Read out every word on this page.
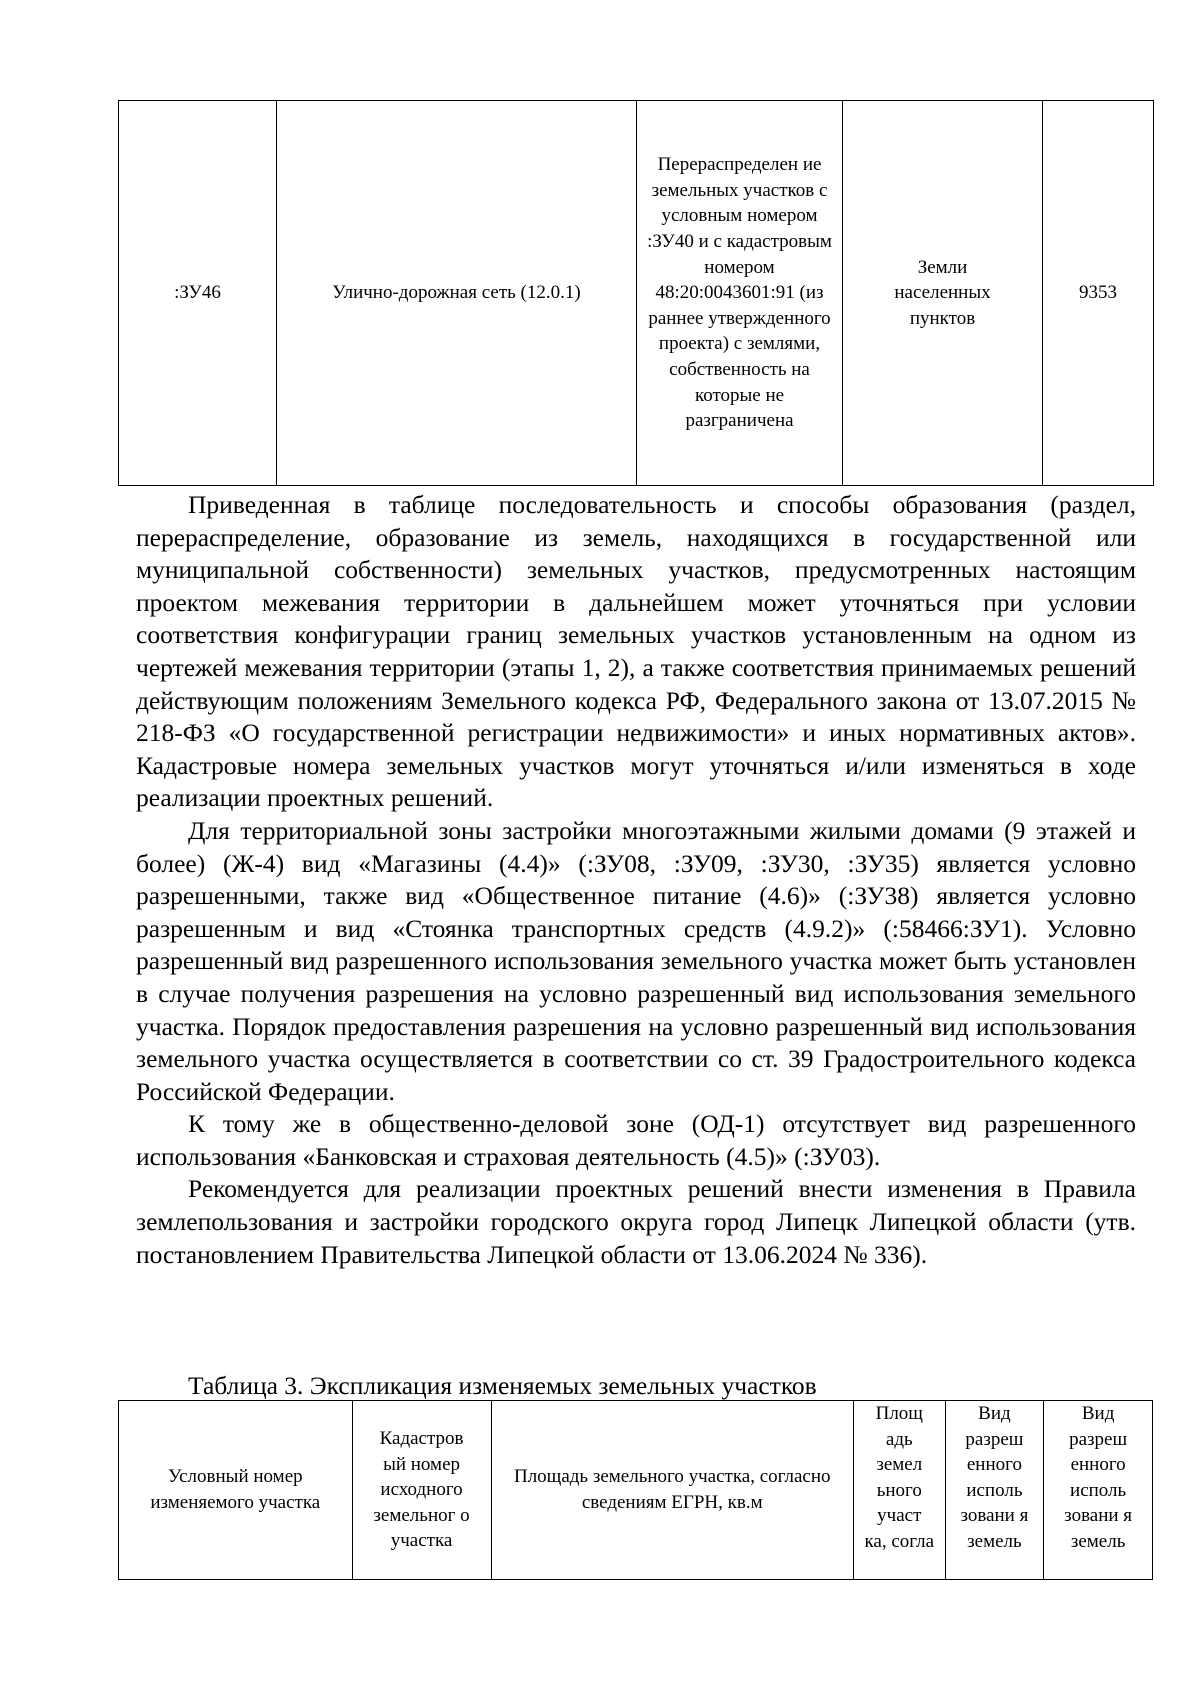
:ЗУ46	Улично-дорожная сеть (12.0.1)	Перераспределен ие земельных участков с условным номером :ЗУ40 и с кадастровым номером 48:20:0043601:91 (из раннее утвержденного проекта) с землями, собственность на которые не разграничена	Земли населенных пунктов	9353

Приведенная в таблице последовательность и способы образования (раздел, перераспределение, образование из земель, находящихся в государственной или муниципальной собственности) земельных участков, предусмотренных настоящим проектом межевания территории в дальнейшем может уточняться при условии соответствия конфигурации границ земельных участков установленным на одном из чертежей межевания территории (этапы 1, 2), а также соответствия принимаемых решений действующим положениям Земельного кодекса РФ, Федерального закона от 13.07.2015 № 218-ФЗ «О государственной регистрации недвижимости» и иных нормативных актов». Кадастровые номера земельных участков могут уточняться и/или изменяться в ходе реализации проектных решений.

Для территориальной зоны застройки многоэтажными жилыми домами (9 этажей и более) (Ж-4) вид «Магазины (4.4)» (:ЗУ08, :ЗУ09, :ЗУ30, :ЗУ35) является условно разрешенными, также вид «Общественное питание (4.6)» (:ЗУ38) является условно разрешенным и вид «Стоянка транспортных средств (4.9.2)» (:58466:ЗУ1). Условно разрешенный вид разрешенного использования земельного участка может быть установлен в случае получения разрешения на условно разрешенный вид использования земельного участка. Порядок предоставления разрешения на условно разрешенный вид использования земельного участка осуществляется в соответствии со ст. 39 Градостроительного кодекса Российской Федерации.

К тому же в общественно-деловой зоне (ОД-1) отсутствует вид разрешенного использования «Банковская и страховая деятельность (4.5)» (:ЗУ03).

Рекомендуется для реализации проектных решений внести изменения в Правила землепользования и застройки городского округа город Липецк Липецкой области (утв. постановлением Правительства Липецкой области от 13.06.2024 № 336).

Таблица 3. Экспликация изменяемых земельных участков
Условный номер изменяемого участка	Кадастров ый номер исходного земельног о участка	Площадь земельного участка, согласно сведениям ЕГРН, кв.м	Площ адь земел ьного участ ка, согла	Вид разреш енного исполь зовани я земель	Вид разреш енного исполь зовани я земель
